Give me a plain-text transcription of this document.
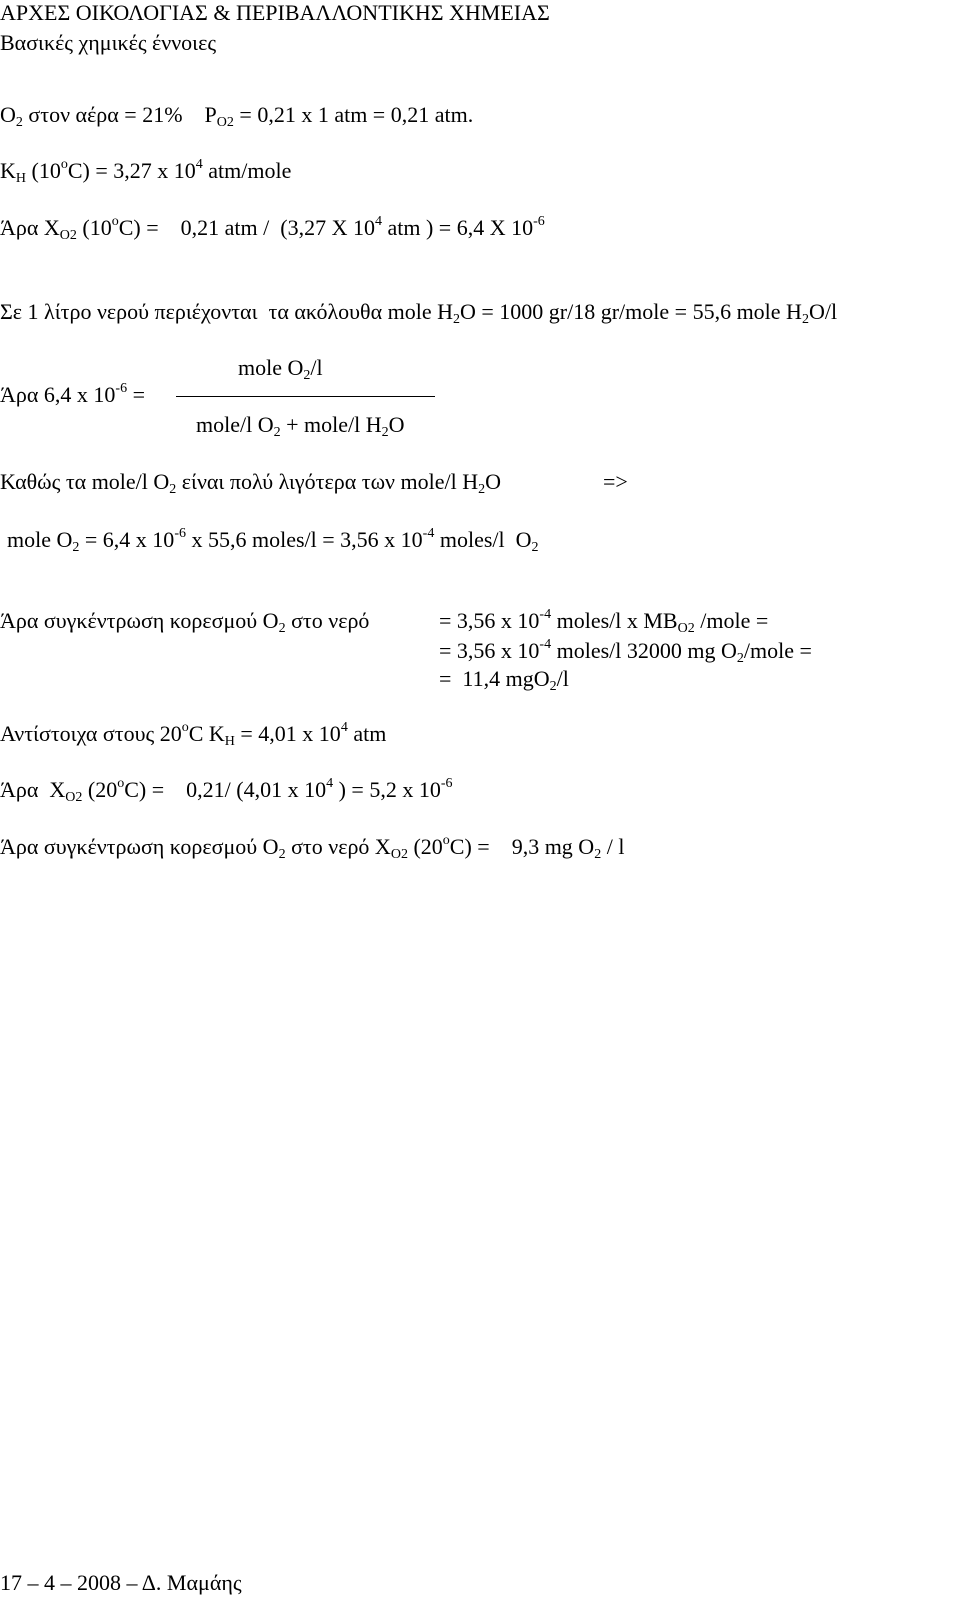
ΑΡΧΕΣ ΟΙΚΟΛΟΓΙΑΣ & ΠΕΡΙΒΑΛΛΟΝΤΙΚΗΣ ΧΗΜΕΙΑΣ
Βασικές χημικές έννοιες
$O_2$ στον αέρα = 21%    $P_{O2} = 0,21$ x 1 atm = 0,21 atm.
$K_H$ $(10^oC) = 3,27$ x $10^4$ atm/mole
Άρα $X_{O2}$ $(10^oC)$ =    0,21 atm /  (3,27 X $10^4$ atm ) = 6,4 X $10^{-6}$
Σε 1 λίτρο νερού περιέχονται  τα ακόλουθα mole $H_2O = 1000$ gr/18 gr/mole = 55,6 mole $H_2O/l$
Άρα 6,4 x $10^{-6}$ =
mole $O_2/l$
mole/l $O_2$ + mole/l $H_2O$
Καθώς τα mole/l $O_2$ είναι πολύ λιγότερα των mole/l $H_2O$	=>
mole $O_2 = 6,4$ x $10^{-6}$ x 55,6 moles/l = 3,56 x $10^{-4}$ moles/l  $O_2$
Άρα συγκέντρωση κορεσμού $O_2$ στο νερό	= 3,56 x $10^{-4}$ moles/l x $MB_{O2}$ /mole =
= 3,56 x $10^{-4}$ moles/l 32000 mg $O_2$/mole =
=  11,4 mgO$_2$/l
Αντίστοιχα στους 20$^o$C $K_H = 4,01$ x $10^4$ atm
Άρα  $X_{O2}$ $(20^oC)$ =    0,21/ (4,01 x $10^4$ ) = 5,2 x $10^{-6}$
Άρα συγκέντρωση κορεσμού $O_2$ στο νερό $X_{O2}$ $(20^oC)$ =    9,3 mg $O_2$ / l
17 – 4 – 2008 – Δ. Μαμάης
